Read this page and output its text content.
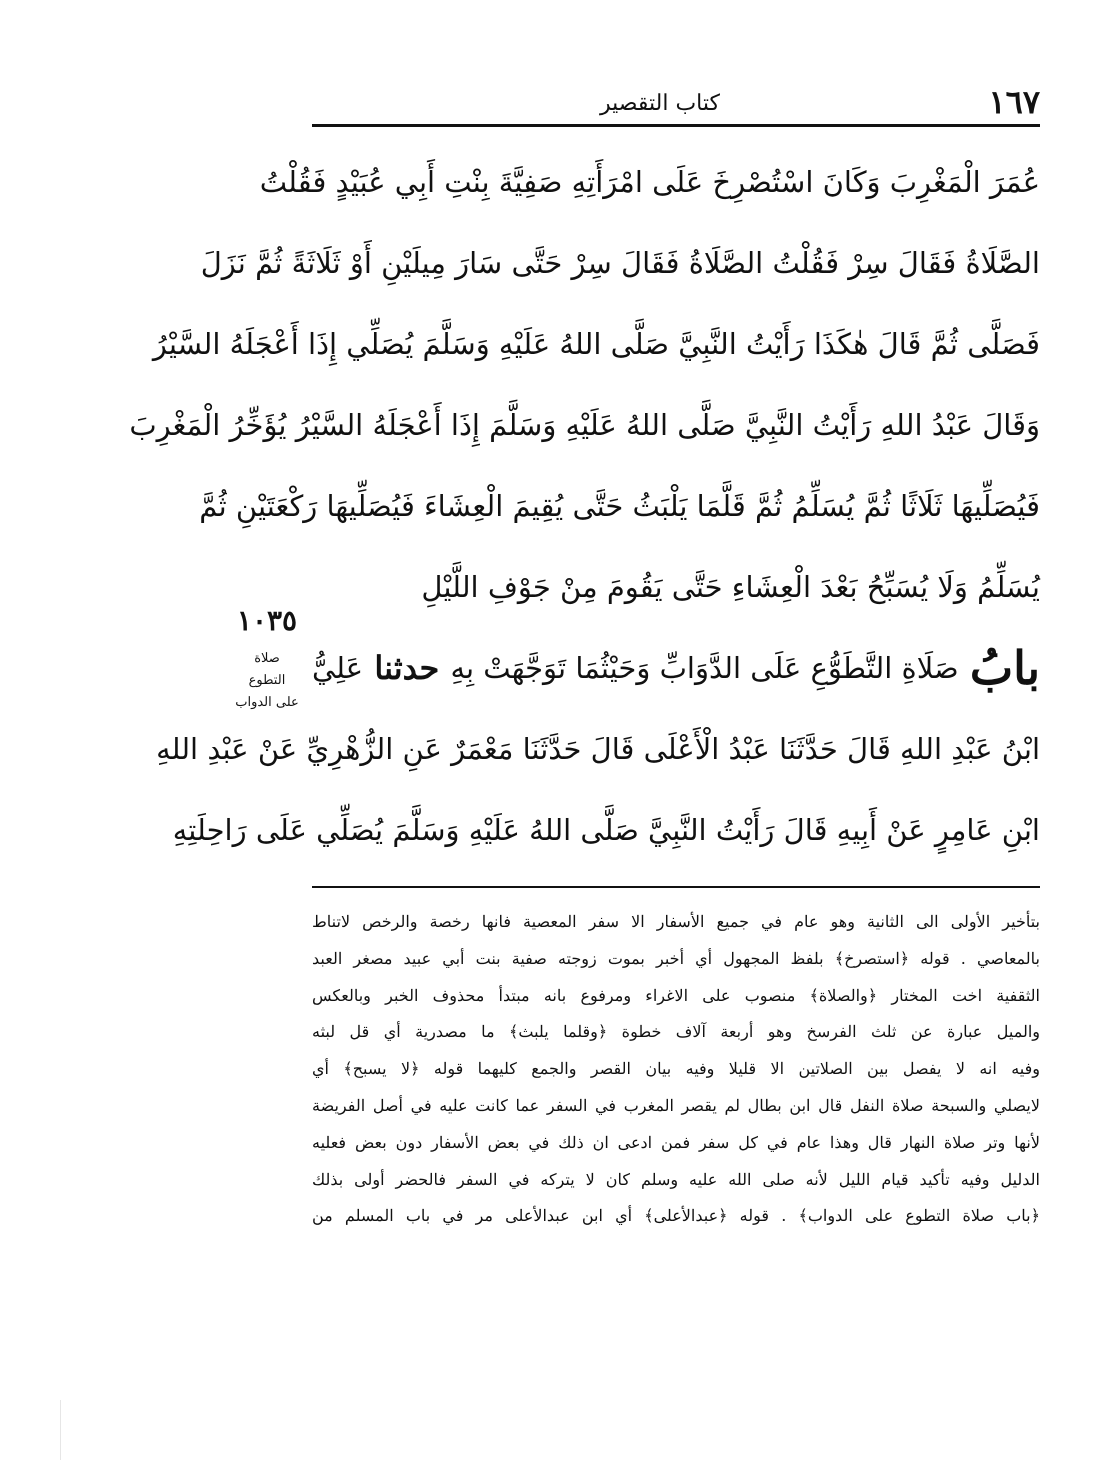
١٦٧
كتاب التقصير
عُمَرَ الْمَغْرِبَ وَكَانَ اسْتُصْرِخَ عَلَى امْرَأَتِهِ صَفِيَّةَ بِنْتِ أَبِي عُبَيْدٍ فَقُلْتُ
الصَّلَاةُ فَقَالَ سِرْ فَقُلْتُ الصَّلَاةُ فَقَالَ سِرْ حَتَّى سَارَ مِيلَيْنِ أَوْ ثَلَاثَةً ثُمَّ نَزَلَ
فَصَلَّى ثُمَّ قَالَ هٰكَذَا رَأَيْتُ النَّبِيَّ صَلَّى اللهُ عَلَيْهِ وَسَلَّمَ يُصَلِّي إِذَا أَعْجَلَهُ السَّيْرُ
وَقَالَ عَبْدُ اللهِ رَأَيْتُ النَّبِيَّ صَلَّى اللهُ عَلَيْهِ وَسَلَّمَ إِذَا أَعْجَلَهُ السَّيْرُ يُؤَخِّرُ الْمَغْرِبَ
فَيُصَلِّيهَا ثَلَاثًا ثُمَّ يُسَلِّمُ ثُمَّ قَلَّمَا يَلْبَثُ حَتَّى يُقِيمَ الْعِشَاءَ فَيُصَلِّيهَا رَكْعَتَيْنِ ثُمَّ
يُسَلِّمُ وَلَا يُسَبِّحُ بَعْدَ الْعِشَاءِ حَتَّى يَقُومَ مِنْ جَوْفِ اللَّيْلِ
بابُ
صَلَاةِ التَّطَوُّعِ عَلَى الدَّوَابِّ وَحَيْثُمَا تَوَجَّهَتْ بِهِ
حدثنا
عَلِيُّ
ابْنُ عَبْدِ اللهِ قَالَ حَدَّثَنَا عَبْدُ الْأَعْلَى قَالَ حَدَّثَنَا مَعْمَرٌ عَنِ الزُّهْرِيِّ عَنْ عَبْدِ اللهِ
ابْنِ عَامِرٍ عَنْ أَبِيهِ قَالَ رَأَيْتُ النَّبِيَّ صَلَّى اللهُ عَلَيْهِ وَسَلَّمَ يُصَلِّي عَلَى رَاحِلَتِهِ
١٠٣٥
صلاة
التطوع
على الدواب
بتأخير الأولى الى الثانية وهو عام في جميع الأسفار الا سفر المعصية فانها رخصة والرخص لاتناط
بالمعاصي . قوله ﴿استصرخ﴾ بلفظ المجهول أي أخبر بموت زوجته صفية بنت أبي عبيد مصغر العبد
الثقفية اخت المختار ﴿والصلاة﴾ منصوب على الاغراء ومرفوع بانه مبتدأ محذوف الخبر وبالعكس
والميل عبارة عن ثلث الفرسخ وهو أربعة آلاف خطوة ﴿وقلما يلبث﴾ ما مصدرية أي قل لبثه
وفيه انه لا يفصل بين الصلاتين الا قليلا وفيه بيان القصر والجمع كليهما قوله ﴿لا يسبح﴾ أي
لايصلي والسبحة صلاة النفل قال ابن بطال لم يقصر المغرب في السفر عما كانت عليه في أصل الفريضة
لأنها وتر صلاة النهار قال وهذا عام في كل سفر فمن ادعى ان ذلك في بعض الأسفار دون بعض فعليه
الدليل وفيه تأكيد قيام الليل لأنه صلى الله عليه وسلم كان لا يتركه في السفر فالحضر أولى بذلك
﴿باب صلاة التطوع على الدواب﴾ . قوله ﴿عبدالأعلى﴾ أي ابن عبدالأعلى مر في باب المسلم من
